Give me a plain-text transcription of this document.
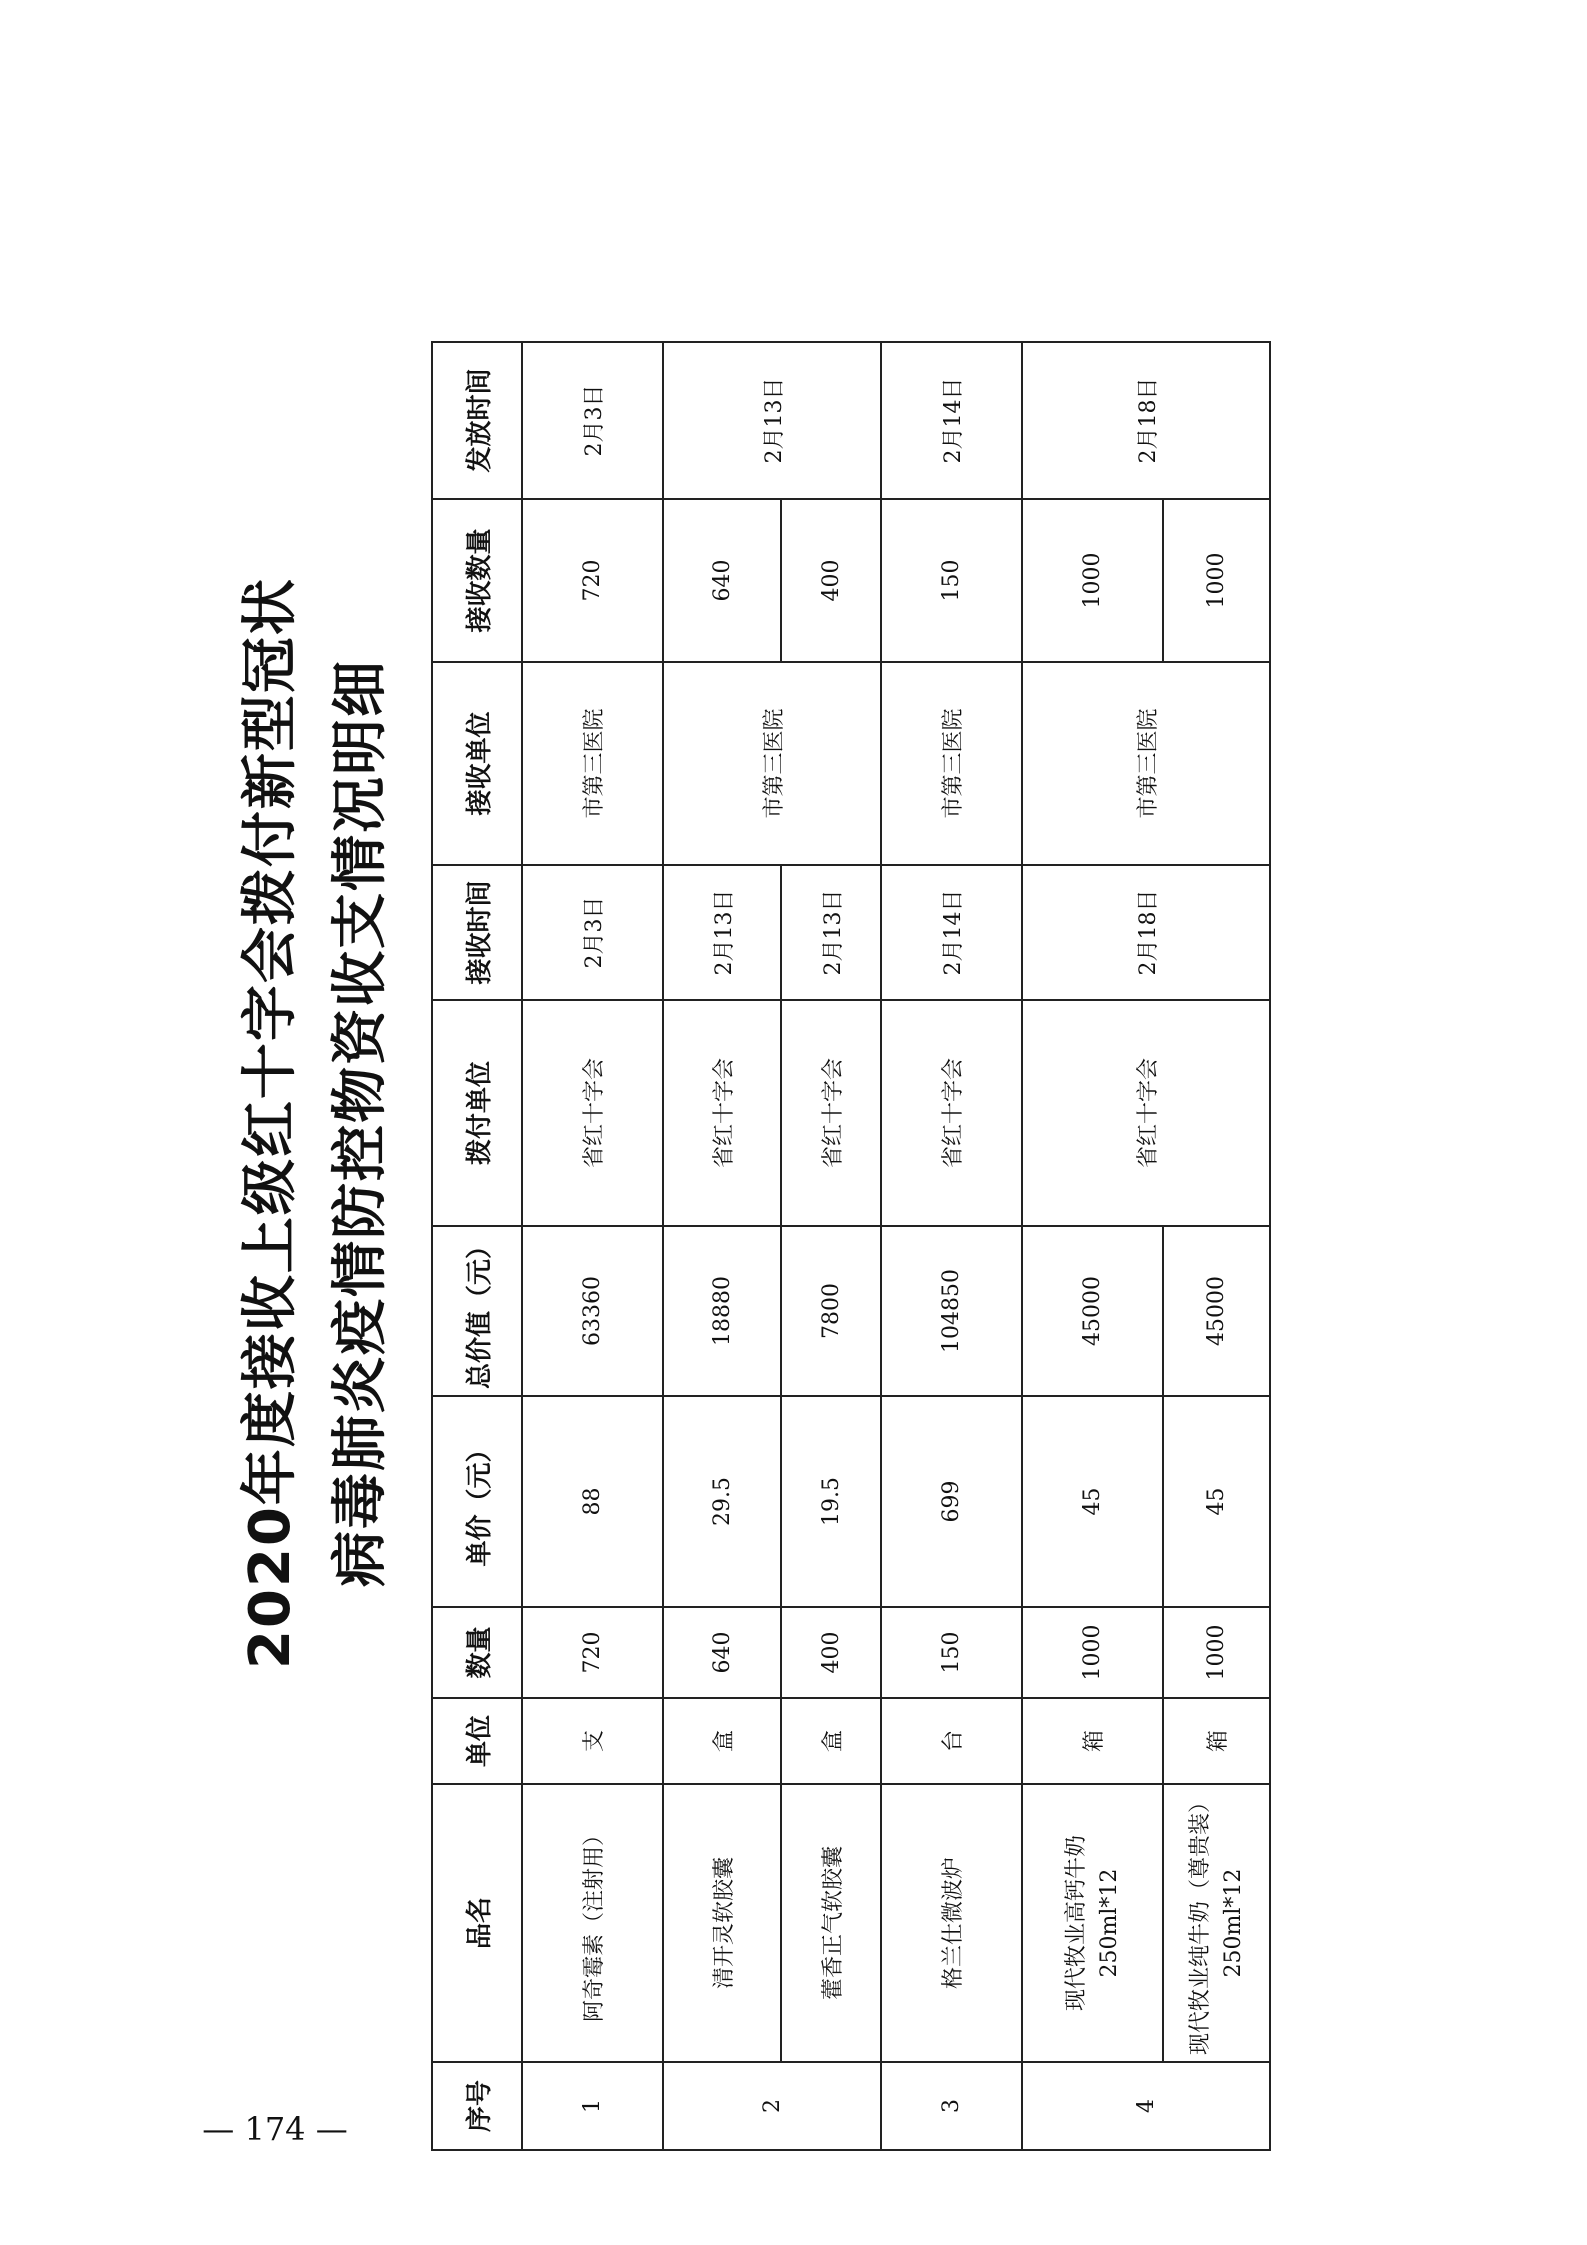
2020年度接收上级红十字会拨付新型冠状 病毒肺炎疫情防控物资收支情况明细
序号	品名	单位	数量	单价（元）	总价值（元）	拨付单位	接收时间	接收单位	接收数量	发放时间
1	阿奇霉素（注射用）	支	720	88	63360	省红十字会	2月3日	市第三医院	720	2月3日
2	清开灵软胶囊	盒	640	29.5	18880	省红十字会	2月13日	市第三医院	640	2月13日
	藿香正气软胶囊	盒	400	19.5	7800	省红十字会	2月13日		400	
3	格兰仕微波炉	台	150	699	104850	省红十字会	2月14日	市第三医院	150	2月14日
4	现代牧业高钙牛奶 250ml*12	箱	1000	45	45000	省红十字会	2月18日	市第三医院	1000	2月18日

	现代牧业纯牛奶（尊贵装） 250ml*12	箱	1000	45	45000				1000	
— 174 —
